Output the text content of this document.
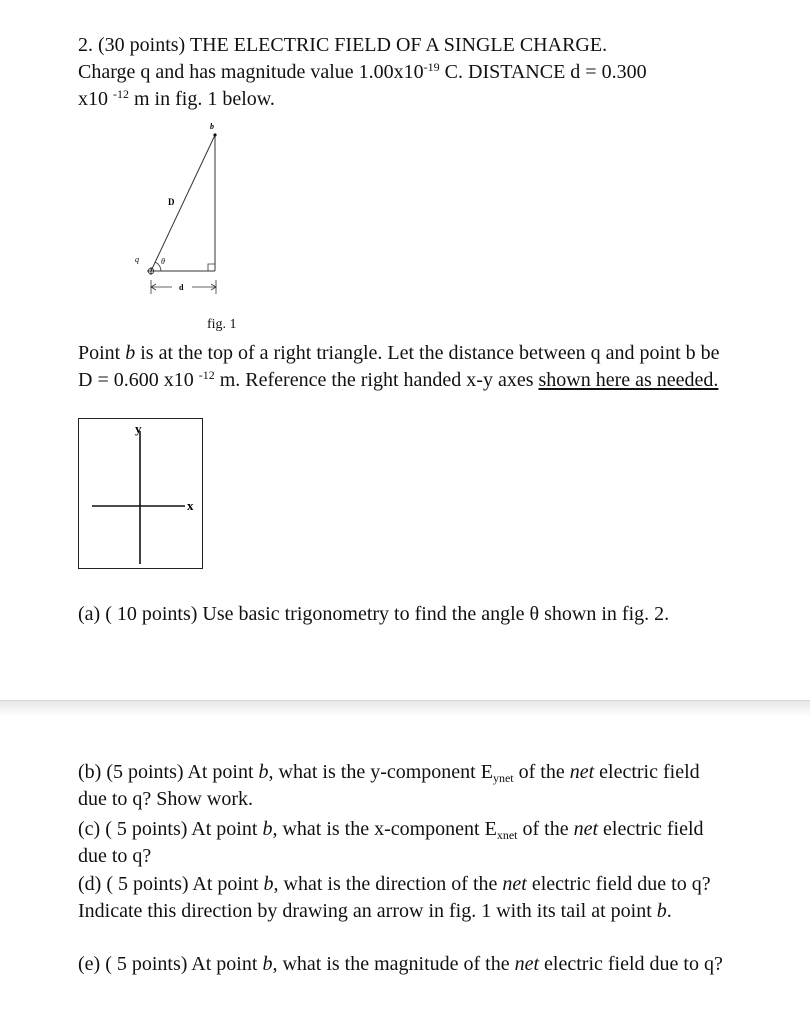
2. (30 points) THE ELECTRIC FIELD OF A SINGLE CHARGE.
Charge q and has magnitude value $1.00x10^{-19}$ C. DISTANCE d = 0.300
x10 $^{-12}$ m in fig. 1 below.

b
D
q	θ
d
fig. 1

Point b is at the top of a right triangle. Let the distance between q and point b be D = 0.600 x10 $^{-12}$ m. Reference the right handed x-y axes shown here as needed.

y
x

(a) ( 10 points) Use basic trigonometry to find the angle θ shown in fig. 2.

(b) (5 points) At point b, what is the y-component $E_{ynet}$ of the net electric field due to q? Show work.

(c) ( 5 points) At point b, what is the x-component $E_{xnet}$ of the net electric field due to q?

(d) ( 5 points) At point b, what is the direction of the net electric field due to q? Indicate this direction by drawing an arrow in fig. 1 with its tail at point b.

(e) ( 5 points) At point b, what is the magnitude of the net electric field due to q?
